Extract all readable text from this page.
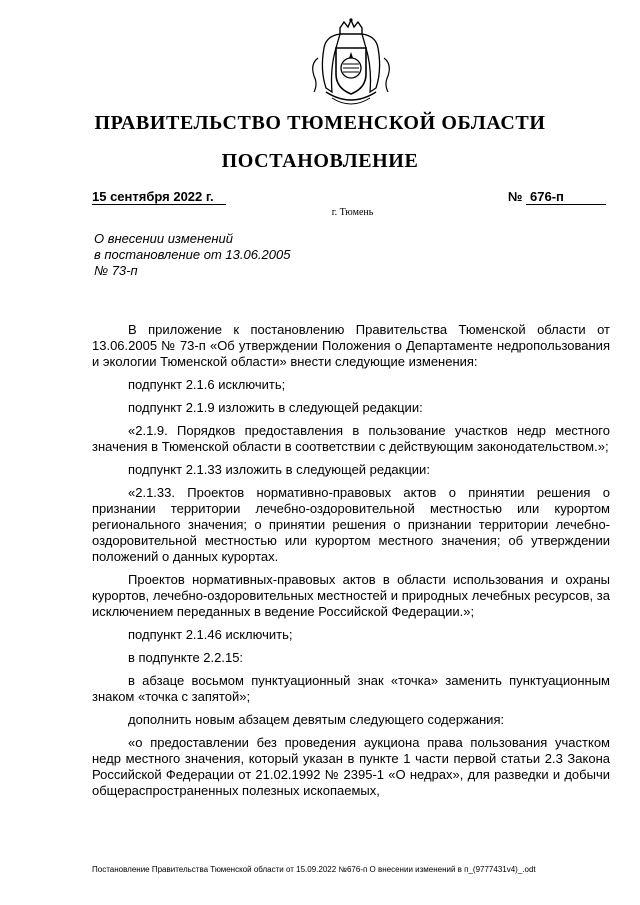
ПРАВИТЕЛЬСТВО ТЮМЕНСКОЙ ОБЛАСТИ
ПОСТАНОВЛЕНИЕ
15 сентября 2022 г.	№ 676-п
г. Тюмень
О внесении изменений
в постановление от 13.06.2005
№ 73-п

В приложение к постановлению Правительства Тюменской области от 13.06.2005 № 73-п «Об утверждении Положения о Департаменте недропользования и экологии Тюменской области» внести следующие изменения:

подпункт 2.1.6 исключить;

подпункт 2.1.9 изложить в следующей редакции:

«2.1.9. Порядков предоставления в пользование участков недр местного значения в Тюменской области в соответствии с действующим законодательством.»;

подпункт 2.1.33 изложить в следующей редакции:

«2.1.33. Проектов нормативно-правовых актов о принятии решения о признании территории лечебно-оздоровительной местностью или курортом регионального значения; о принятии решения о признании территории лечебно-оздоровительной местностью или курортом местного значения; об утверждении положений о данных курортах.

Проектов нормативных-правовых актов в области использования и охраны курортов, лечебно-оздоровительных местностей и природных лечебных ресурсов, за исключением переданных в ведение Российской Федерации.»;

подпункт 2.1.46 исключить;

в подпункте 2.2.15:

в абзаце восьмом пунктуационный знак «точка» заменить пунктуационным знаком «точка с запятой»;

дополнить новым абзацем девятым следующего содержания:

«о предоставлении без проведения аукциона права пользования участком недр местного значения, который указан в пункте 1 части первой статьи 2.3 Закона Российской Федерации от 21.02.1992 № 2395-1 «О недрах», для разведки и добычи общераспространенных полезных ископаемых,

Постановление Правительства Тюменской области от 15.09.2022 №676-п О внесении изменений в п_(9777431v4)_.odt
